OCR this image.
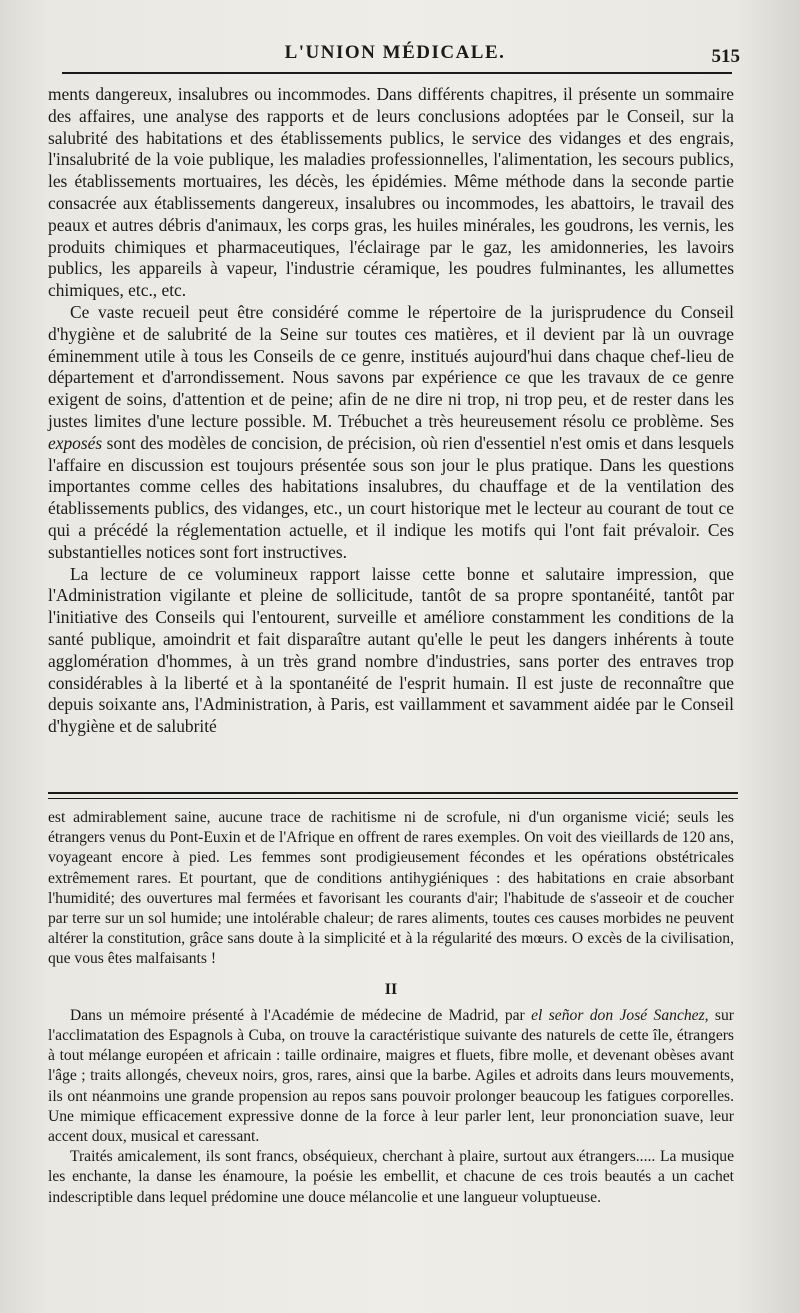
L'UNION MÉDICALE.	515

ments dangereux, insalubres ou incommodes. Dans différents chapitres, il présente un sommaire des affaires, une analyse des rapports et de leurs conclusions adoptées par le Conseil, sur la salubrité des habitations et des établissements publics, le service des vidanges et des engrais, l'insalubrité de la voie publique, les maladies professionnelles, l'alimentation, les secours publics, les établissements mortuaires, les décès, les épidémies. Même méthode dans la seconde partie consacrée aux établissements dangereux, insalubres ou incommodes, les abattoirs, le travail des peaux et autres débris d'animaux, les corps gras, les huiles minérales, les goudrons, les vernis, les produits chimiques et pharmaceutiques, l'éclairage par le gaz, les amidonneries, les lavoirs publics, les appareils à vapeur, l'industrie céramique, les poudres fulminantes, les allumettes chimiques, etc., etc.

Ce vaste recueil peut être considéré comme le répertoire de la jurisprudence du Conseil d'hygiène et de salubrité de la Seine sur toutes ces matières, et il devient par là un ouvrage éminemment utile à tous les Conseils de ce genre, institués aujourd'hui dans chaque chef-lieu de département et d'arrondissement. Nous savons par expérience ce que les travaux de ce genre exigent de soins, d'attention et de peine; afin de ne dire ni trop, ni trop peu, et de rester dans les justes limites d'une lecture possible. M. Trébuchet a très heureusement résolu ce problème. Ses exposés sont des modèles de concision, de précision, où rien d'essentiel n'est omis et dans lesquels l'affaire en discussion est toujours présentée sous son jour le plus pratique. Dans les questions importantes comme celles des habitations insalubres, du chauffage et de la ventilation des établissements publics, des vidanges, etc., un court historique met le lecteur au courant de tout ce qui a précédé la réglementation actuelle, et il indique les motifs qui l'ont fait prévaloir. Ces substantielles notices sont fort instructives.

La lecture de ce volumineux rapport laisse cette bonne et salutaire impression, que l'Administration vigilante et pleine de sollicitude, tantôt de sa propre spontanéité, tantôt par l'initiative des Conseils qui l'entourent, surveille et améliore constamment les conditions de la santé publique, amoindrit et fait disparaître autant qu'elle le peut les dangers inhérents à toute agglomération d'hommes, à un très grand nombre d'industries, sans porter des entraves trop considérables à la liberté et à la spontanéité de l'esprit humain. Il est juste de reconnaître que depuis soixante ans, l'Administration, à Paris, est vaillamment et savamment aidée par le Conseil d'hygiène et de salubrité

est admirablement saine, aucune trace de rachitisme ni de scrofule, ni d'un organisme vicié; seuls les étrangers venus du Pont-Euxin et de l'Afrique en offrent de rares exemples. On voit des vieillards de 120 ans, voyageant encore à pied. Les femmes sont prodigieusement fécondes et les opérations obstétricales extrêmement rares. Et pourtant, que de conditions antihygiéniques : des habitations en craie absorbant l'humidité; des ouvertures mal fermées et favorisant les courants d'air; l'habitude de s'asseoir et de coucher par terre sur un sol humide; une intolérable chaleur; de rares aliments, toutes ces causes morbides ne peuvent altérer la constitution, grâce sans doute à la simplicité et à la régularité des mœurs. O excès de la civilisation, que vous êtes malfaisants !

II

Dans un mémoire présenté à l'Académie de médecine de Madrid, par el señor don José Sanchez, sur l'acclimatation des Espagnols à Cuba, on trouve la caractéristique suivante des naturels de cette île, étrangers à tout mélange européen et africain : taille ordinaire, maigres et fluets, fibre molle, et devenant obèses avant l'âge ; traits allongés, cheveux noirs, gros, rares, ainsi que la barbe. Agiles et adroits dans leurs mouvements, ils ont néanmoins une grande propension au repos sans pouvoir prolonger beaucoup les fatigues corporelles. Une mimique efficacement expressive donne de la force à leur parler lent, leur prononciation suave, leur accent doux, musical et caressant.

Traités amicalement, ils sont francs, obséquieux, cherchant à plaire, surtout aux étrangers..... La musique les enchante, la danse les énamoure, la poésie les embellit, et chacune de ces trois beautés a un cachet indescriptible dans lequel prédomine une douce mélancolie et une langueur voluptueuse.
